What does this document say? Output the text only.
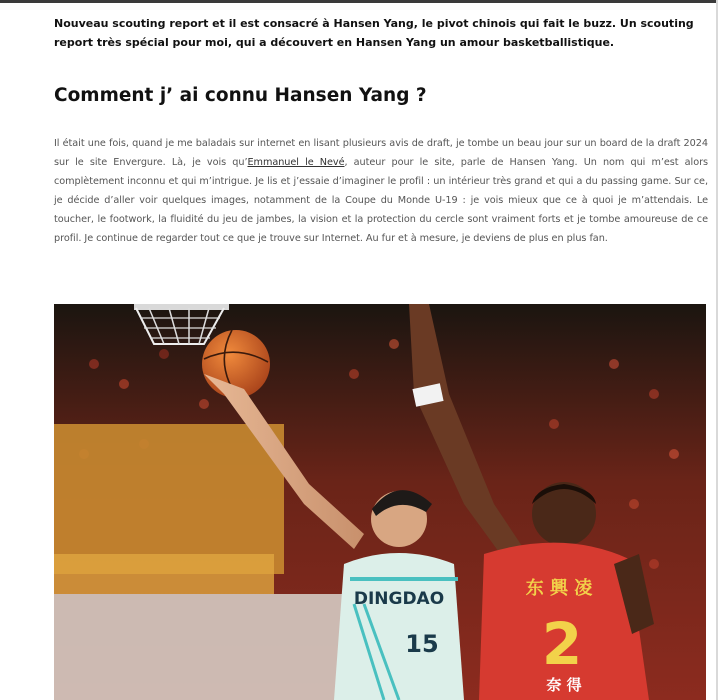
Nouveau scouting report et il est consacré à Hansen Yang, le pivot chinois qui fait le buzz. Un scouting report très spécial pour moi, qui a découvert en Hansen Yang un amour basketballistique.

Comment j’ ai connu Hansen Yang ?

Il était une fois, quand je me baladais sur internet en lisant plusieurs avis de draft, je tombe un beau jour sur un board de la draft 2024 sur le site Envergure. Là, je vois qu’Emmanuel le Nevé, auteur pour le site, parle de Hansen Yang. Un nom qui m’est alors complètement inconnu et qui m’intrigue. Je lis et j’essaie d’imaginer le profil : un intérieur très grand et qui a du passing game. Sur ce, je décide d’aller voir quelques images, notamment de la Coupe du Monde U-19 : je vois mieux que ce à quoi je m’attendais. Le toucher, le footwork, la fluidité du jeu de jambes, la vision et la protection du cercle sont vraiment forts et je tombe amoureuse de ce profil. Je continue de regarder tout ce que je trouve sur Internet. Au fur et à mesure, je deviens de plus en plus fan.

DINGDAO
15
东 興 凌
2
奈 得
